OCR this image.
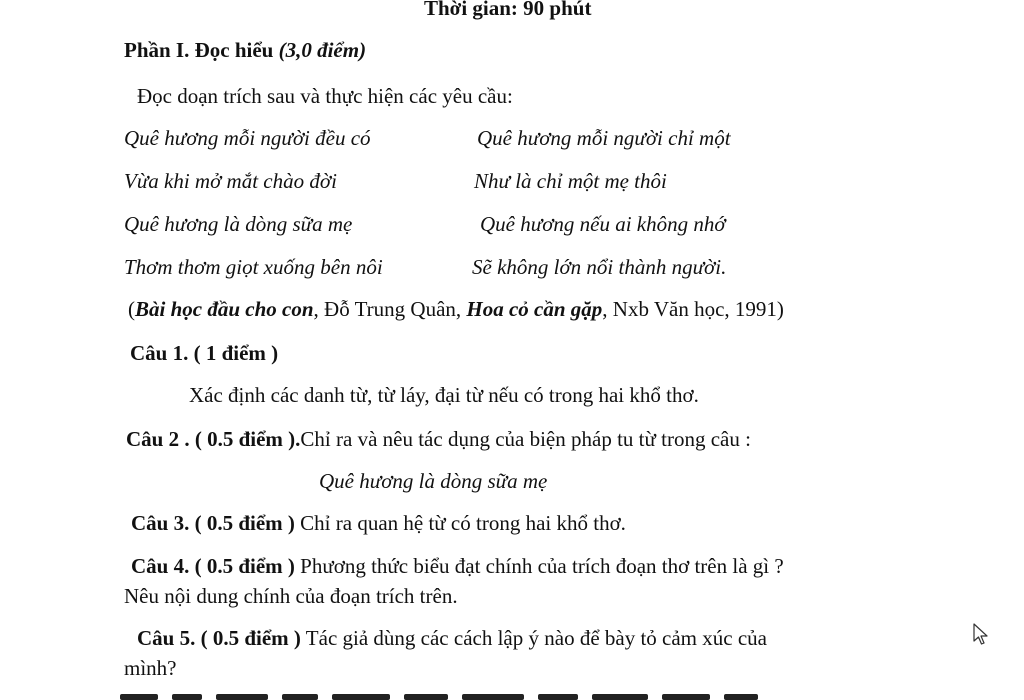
Thời gian: 90 phút
Phần I. Đọc hiểu (3,0 điểm)
Đọc doạn trích sau và thực hiện các yêu cầu:
Quê hương mỗi người đều có	Quê hương mỗi người chỉ một
Vừa khi mở mắt chào đời	Như là chỉ một mẹ thôi
Quê hương là dòng sữa mẹ	Quê hương nếu ai không nhớ
Thơm thơm giọt xuống bên nôi	Sẽ không lớn nổi thành người.
(Bài học đầu cho con, Đỗ Trung Quân, Hoa cỏ cần gặp, Nxb Văn học, 1991)
Câu 1. ( 1 điểm )
Xác định các danh từ, từ láy, đại từ nếu có trong hai khổ thơ.
Câu 2 . ( 0.5 điểm ).Chỉ ra và nêu tác dụng của biện pháp tu từ trong câu :
Quê hương là dòng sữa mẹ
Câu 3. ( 0.5 điểm ) Chỉ ra quan hệ từ có trong hai khổ thơ.
Câu 4. ( 0.5 điểm ) Phương thức biểu đạt chính của trích đoạn thơ trên là gì ?
Nêu nội dung chính của đoạn trích trên.
Câu 5. ( 0.5 điểm ) Tác giả dùng các cách lập ý nào để bày tỏ cảm xúc của
mình?
